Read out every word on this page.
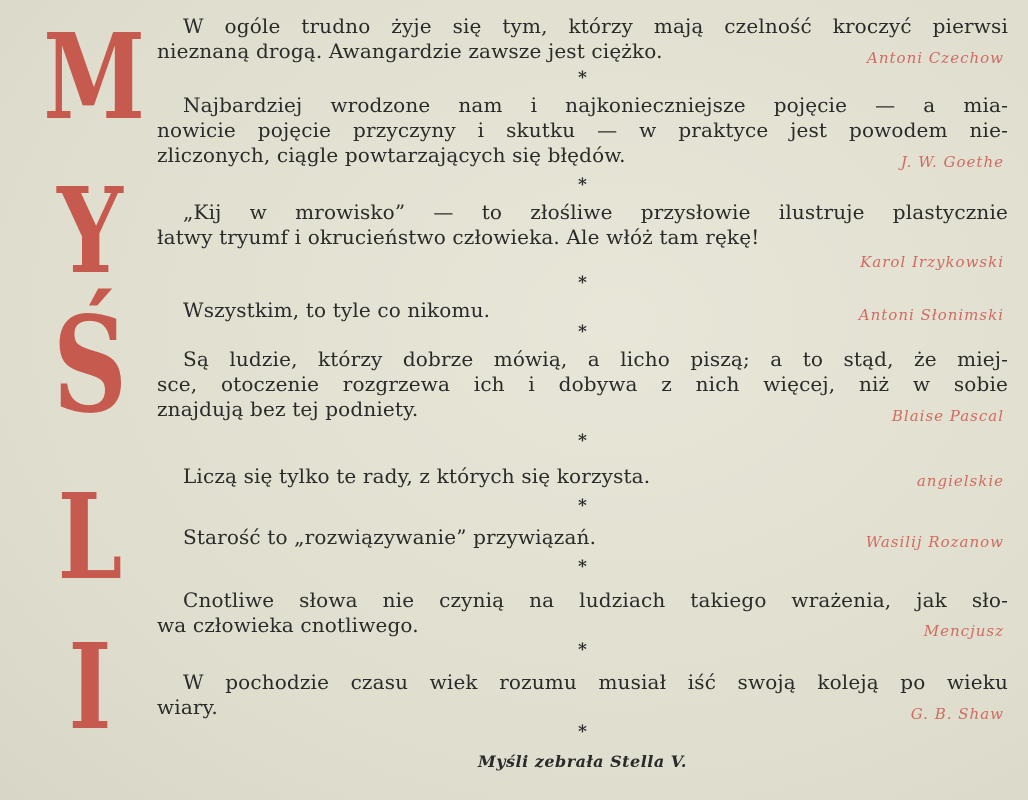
M
Y
Ś
L
I
W ogóle trudno żyje się tym, którzy mają czelność kroczyć pierwsi
nieznaną drogą. Awangardzie zawsze jest ciężko.	Antoni Czechow
*
Najbardziej wrodzone nam i najkonieczniejsze pojęcie — a mia-
nowicie pojęcie przyczyny i skutku — w praktyce jest powodem nie-
zliczonych, ciągle powtarzających się błędów.	J. W. Goethe
*
„Kij w mrowisko” — to złośliwe przysłowie ilustruje plastycznie
łatwy tryumf i okrucieństwo człowieka. Ale włóż tam rękę!
Karol Irzykowski
*
Wszystkim, to tyle co nikomu.	Antoni Słonimski
*
Są ludzie, którzy dobrze mówią, a licho piszą; a to stąd, że miej-
sce, otoczenie rozgrzewa ich i dobywa z nich więcej, niż w sobie
znajdują bez tej podniety.	Blaise Pascal
*
Liczą się tylko te rady, z których się korzysta.	angielskie
*
Starość to „rozwiązywanie” przywiązań.	Wasilij Rozanow
*
Cnotliwe słowa nie czynią na ludziach takiego wrażenia, jak sło-
wa człowieka cnotliwego.	Mencjusz
*
W pochodzie czasu wiek rozumu musiał iść swoją koleją po wieku
wiary.	G. B. Shaw
*
Myśli zebrała Stella V.
